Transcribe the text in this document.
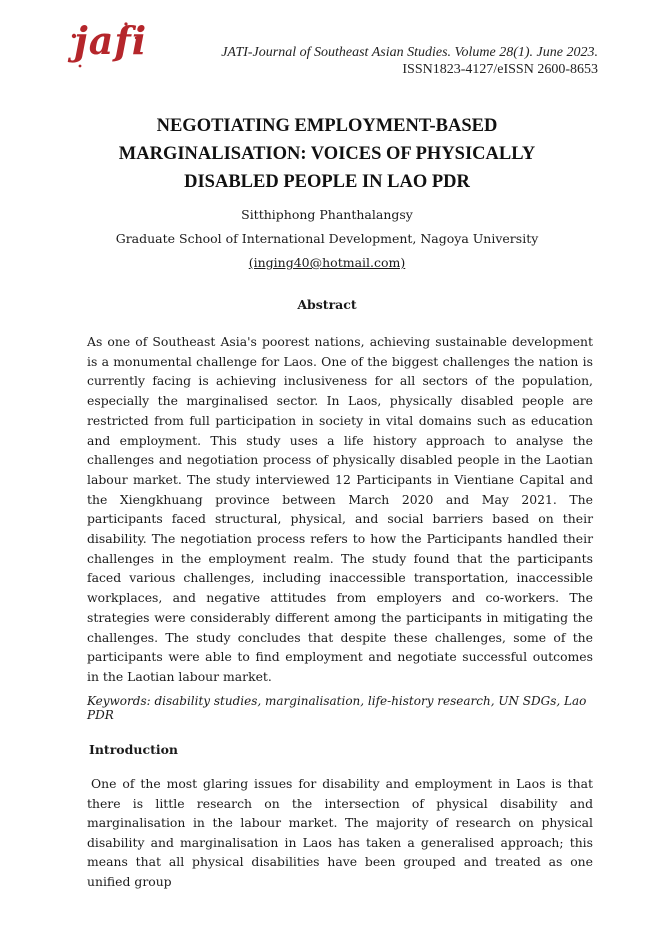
jafi	JATI-Journal of Southeast Asian Studies. Volume 28(1). June 2023.
ISSN1823-4127/eISSN 2600-8653
NEGOTIATING EMPLOYMENT-BASED
MARGINALISATION: VOICES OF PHYSICALLY
DISABLED PEOPLE IN LAO PDR
Sitthiphong Phanthalangsy
Graduate School of International Development, Nagoya University
(inging40@hotmail.com)
Abstract
As one of Southeast Asia's poorest nations, achieving sustainable development is a monumental challenge for Laos. One of the biggest challenges the nation is currently facing is achieving inclusiveness for all sectors of the population, especially the marginalised sector. In Laos, physically disabled people are restricted from full participation in society in vital domains such as education and employment. This study uses a life history approach to analyse the challenges and negotiation process of physically disabled people in the Laotian labour market. The study interviewed 12 Participants in Vientiane Capital and the Xiengkhuang province between March 2020 and May 2021. The participants faced structural, physical, and social barriers based on their disability. The negotiation process refers to how the Participants handled their challenges in the employment realm. The study found that the participants faced various challenges, including inaccessible transportation, inaccessible workplaces, and negative attitudes from employers and co-workers. The strategies were considerably different among the participants in mitigating the challenges. The study concludes that despite these challenges, some of the participants were able to find employment and negotiate successful outcomes in the Laotian labour market.
Keywords: disability studies, marginalisation, life-history research, UN SDGs, Lao PDR
Introduction
One of the most glaring issues for disability and employment in Laos is that there is little research on the intersection of physical disability and marginalisation in the labour market. The majority of research on physical disability and marginalisation in Laos has taken a generalised approach; this means that all physical disabilities have been grouped and treated as one unified group
